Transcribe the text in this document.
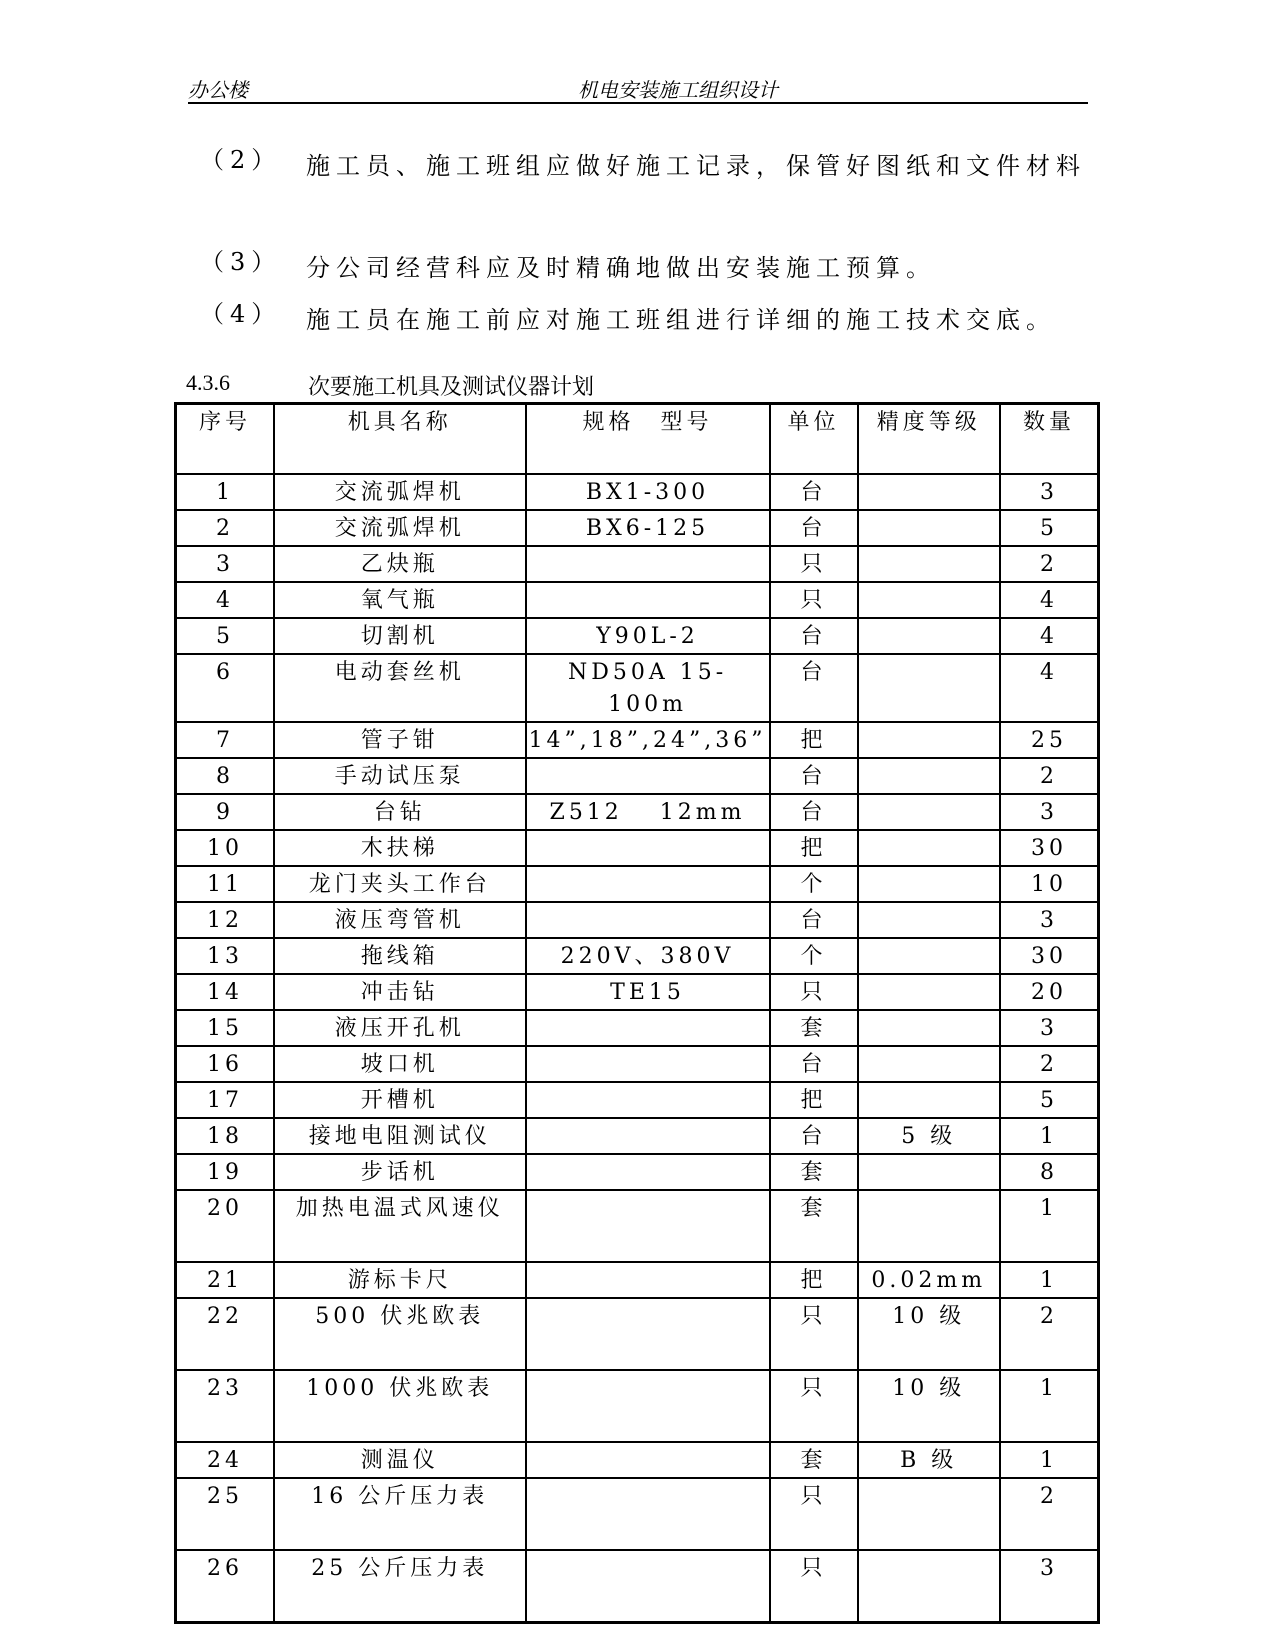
办公楼	机电安装施工组织设计
（2） 施工员、施工班组应做好施工记录，保管好图纸和文件材料
（3） 分公司经营科应及时精确地做出安装施工预算。
（4） 施工员在施工前应对施工班组进行详细的施工技术交底。
4.3.6	次要施工机具及测试仪器计划
序号	机具名称	规格　型号	单位	精度等级	数量
1	交流弧焊机	BX1-300	台		3
2	交流弧焊机	BX6-125	台		5
3	乙炔瓶		只		2
4	氧气瓶		只		4
5	切割机	Y90L-2	台		4
6	电动套丝机	ND50A 15-100m	台		4
7	管子钳	14”,18”,24”,36”	把		25
8	手动试压泵		台		2
9	台钻	Z512　 12mm	台		3
10	木扶梯		把		30
11	龙门夹头工作台		个		10
12	液压弯管机		台		3
13	拖线箱	220V、380V	个		30
14	冲击钻	TE15	只		20
15	液压开孔机		套		3
16	坡口机		台		2
17	开槽机		把		5
18	接地电阻测试仪		台	5 级	1
19	步话机		套		8
20	加热电温式风速仪		套		1
21	游标卡尺		把	0.02mm	1
22	500 伏兆欧表		只	10 级	2
23	1000 伏兆欧表		只	10 级	1
24	测温仪		套	B 级	1
25	16 公斤压力表		只		2
26	25 公斤压力表		只		3
